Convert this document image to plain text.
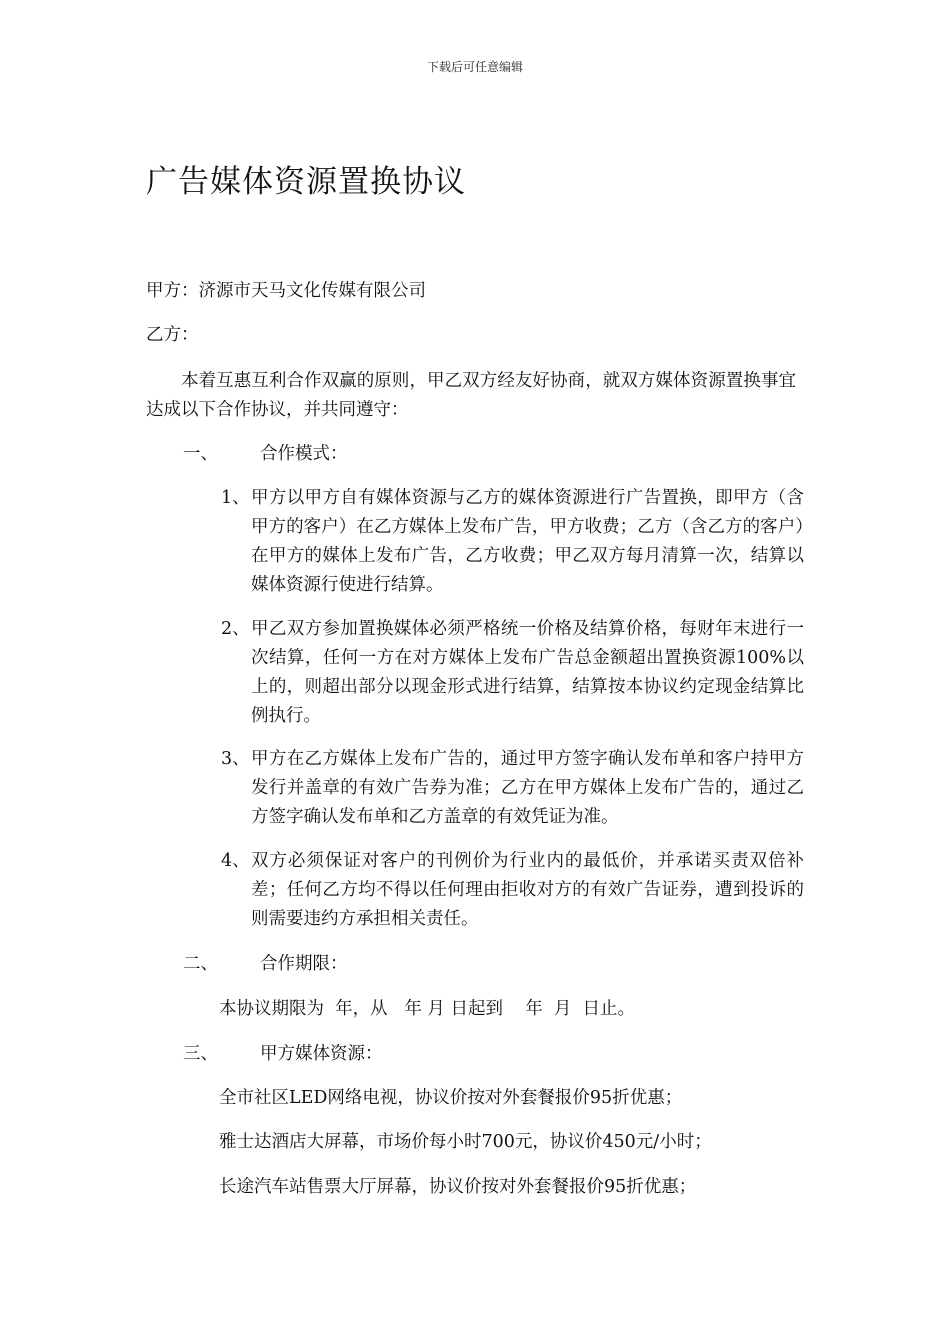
下载后可任意编辑
广告媒体资源置换协议
甲方：济源市天马文化传媒有限公司
乙方：
本着互惠互利合作双赢的原则，甲乙双方经友好协商，就双方媒体资源置换事宜达成以下合作协议，并共同遵守：
一、 合作模式：
1、 甲方以甲方自有媒体资源与乙方的媒体资源进行广告置换，即甲方（含甲方的客户）在乙方媒体上发布广告，甲方收费；乙方（含乙方的客户）在甲方的媒体上发布广告，乙方收费；甲乙双方每月清算一次，结算以媒体资源行使进行结算。
2、 甲乙双方参加置换媒体必须严格统一价格及结算价格，每财年末进行一次结算，任何一方在对方媒体上发布广告总金额超出置换资源100%以上的，则超出部分以现金形式进行结算，结算按本协议约定现金结算比例执行。
3、 甲方在乙方媒体上发布广告的，通过甲方签字确认发布单和客户持甲方发行并盖章的有效广告券为准；乙方在甲方媒体上发布广告的，通过乙方签字确认发布单和乙方盖章的有效凭证为准。
4、 双方必须保证对客户的刊例价为行业内的最低价，并承诺买责双倍补差；任何乙方均不得以任何理由拒收对方的有效广告证券，遭到投诉的则需要违约方承担相关责任。
二、 合作期限：
本协议期限为  年，从   年 月 日起到    年  月  日止。
三、 甲方媒体资源：
全市社区LED网络电视，协议价按对外套餐报价95折优惠；
雅士达酒店大屏幕，市场价每小时700元，协议价450元/小时；
长途汽车站售票大厅屏幕，协议价按对外套餐报价95折优惠；
